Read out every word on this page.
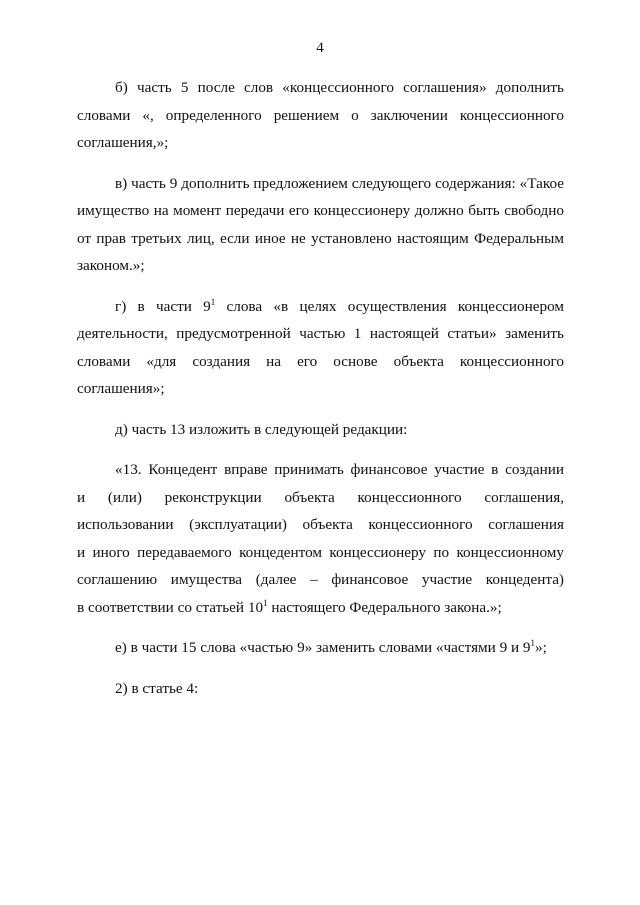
4
б) часть 5 после слов «концессионного соглашения» дополнить
словами «, определенного решением о заключении концессионного
соглашения,»;
в) часть 9 дополнить предложением следующего содержания: «Такое
имущество на момент передачи его концессионеру должно быть свободно
от прав третьих лиц, если иное не установлено настоящим Федеральным
законом.»;
г) в части $9^1$ слова «в целях осуществления концессионером
деятельности, предусмотренной частью 1 настоящей статьи» заменить
словами «для создания на его основе объекта концессионного
соглашения»;
д) часть 13 изложить в следующей редакции:
«13. Концедент вправе принимать финансовое участие в создании
и (или) реконструкции объекта концессионного соглашения,
использовании (эксплуатации) объекта концессионного соглашения
и иного передаваемого концедентом концессионеру по концессионному
соглашению имущества (далее – финансовое участие концедента)
в соответствии со статьей $10^1$ настоящего Федерального закона.»;
е) в части 15 слова «частью 9» заменить словами «частями 9 и $9^1$»;
2) в статье 4:
